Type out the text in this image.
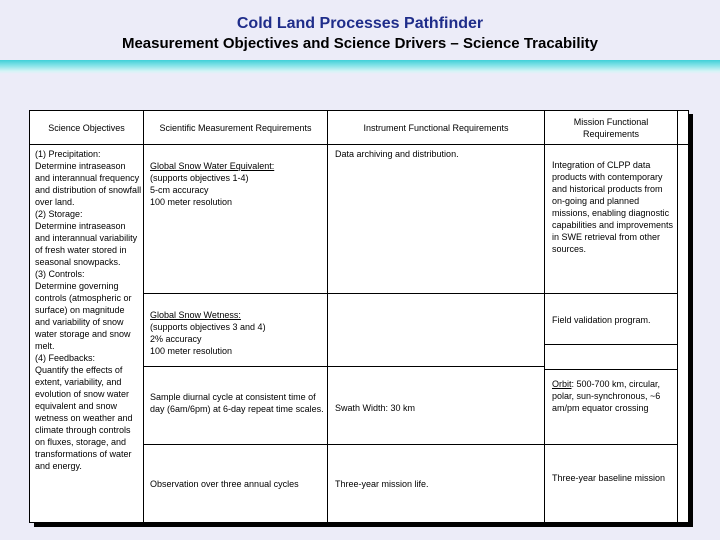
Cold Land Processes Pathfinder
Measurement Objectives and Science Drivers – Science Tracability
Science Objectives	Scientific Measurement Requirements	Instrument Functional Requirements
Mission Functional Requirements
(1) Precipitation:
Determine intraseason and interannual frequency and distribution of snowfall over land.
(2) Storage:
Determine intraseason and interannual variability of fresh water stored in seasonal snowpacks.
(3) Controls:
Determine governing controls (atmospheric or surface) on magnitude and variability of snow water storage and snow melt.
(4) Feedbacks:
Quantify the effects of extent, variability, and evolution of snow water equivalent and snow wetness on weather and climate through controls on fluxes, storage, and transformations of water and energy.

Global Snow Water Equivalent:

(supports objectives 1-4)
5-cm accuracy
100 meter resolution

Global Snow Wetness:

(supports objectives 3 and 4)
2% accuracy
100 meter resolution

Sample diurnal cycle at consistent time of day (6am/6pm) at 6-day repeat time scales.
Observation over three annual cycles
Data archiving and distribution.
Swath Width: 30 km
Three-year mission life.
Integration of CLPP data products with contemporary and historical products from on-going and planned missions, enabling diagnostic capabilities and improvements in SWE retrieval from other sources.
Field validation program.
Orbit: 500-700 km, circular, polar, sun-synchronous, ~6 am/pm equator crossing
Three-year baseline mission
